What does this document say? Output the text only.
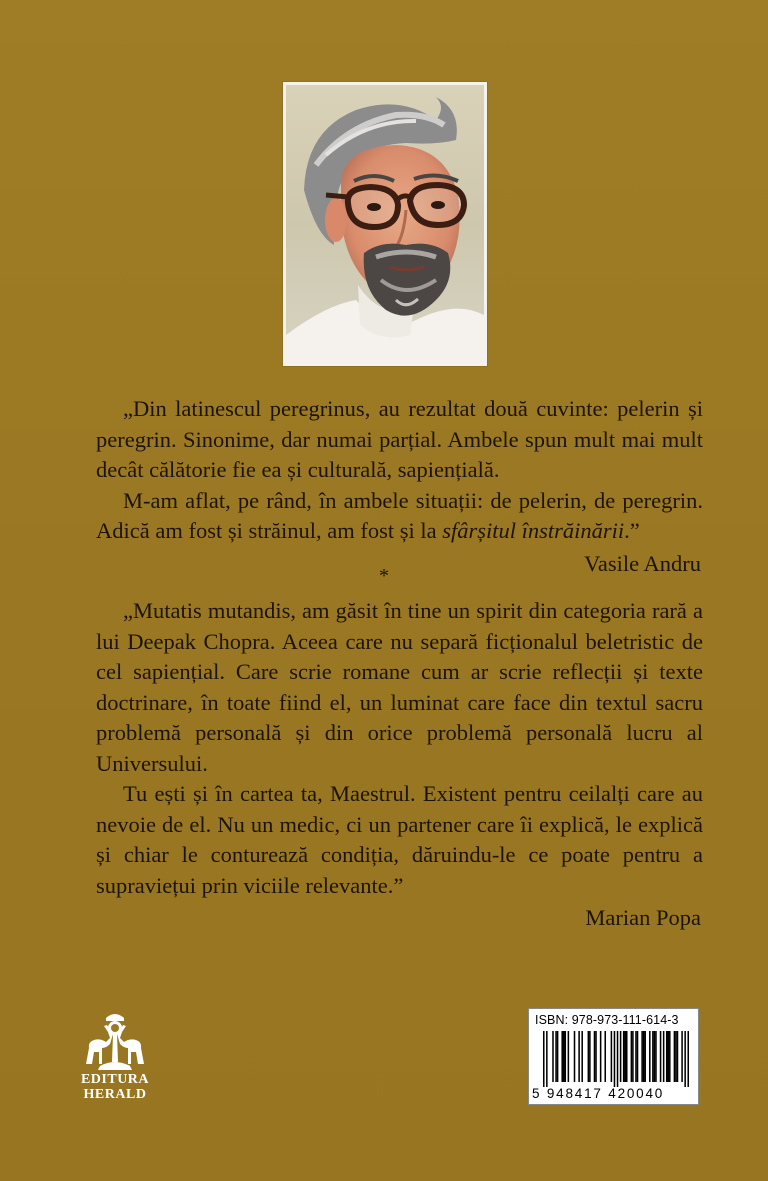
„Din latinescul peregrinus, au rezultat două cuvinte: pelerin și peregrin. Sinonime, dar numai parțial. Ambele spun mult mai mult decât călătorie fie ea și culturală, sapiențială.

M-am aflat, pe rând, în ambele situații: de pelerin, de peregrin. Adică am fost și străinul, am fost și la sfârșitul înstrăinării.”

Vasile Andru

*

„Mutatis mutandis, am găsit în tine un spirit din categoria rară a lui Deepak Chopra. Aceea care nu separă ficționalul beletristic de cel sapiențial. Care scrie romane cum ar scrie reflecții și texte doctrinare, în toate fiind el, un luminat care face din textul sacru problemă personală și din orice problemă personală lucru al Universului.

Tu ești și în cartea ta, Maestrul. Existent pentru ceilalți care au nevoie de el. Nu un medic, ci un partener care îi explică, le explică și chiar le conturează condiția, dăruindu-le ce poate pentru a supraviețui prin viciile relevante.”

Marian Popa

EDITURA
HERALD
ISBN: 978-973-111-614-3
5 948417 420040
